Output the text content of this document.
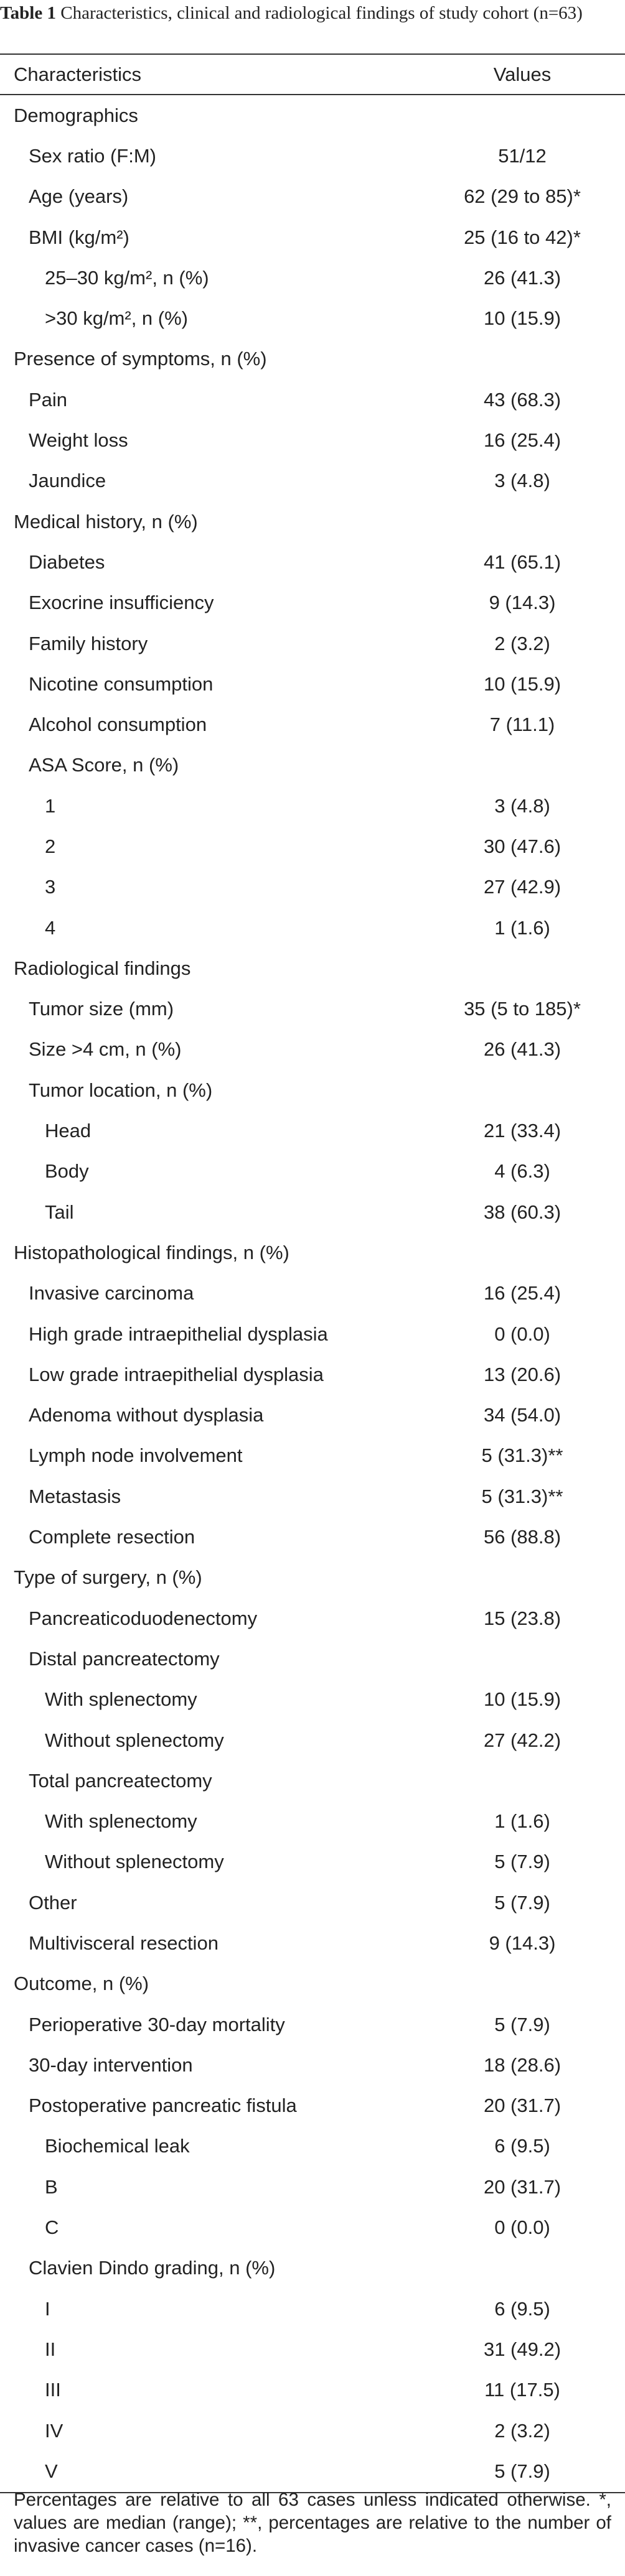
Table 1 Characteristics, clinical and radiological findings of study cohort (n=63)
Characteristics	Values
Demographics
Sex ratio (F:M)	51/12
Age (years)	62 (29 to 85)*
BMI (kg/m²)	25 (16 to 42)*
25–30 kg/m², n (%)	26 (41.3)
>30 kg/m², n (%)	10 (15.9)
Presence of symptoms, n (%)
Pain	43 (68.3)
Weight loss	16 (25.4)
Jaundice	3 (4.8)
Medical history, n (%)
Diabetes	41 (65.1)
Exocrine insufficiency	9 (14.3)
Family history	2 (3.2)
Nicotine consumption	10 (15.9)
Alcohol consumption	7 (11.1)
ASA Score, n (%)
1	3 (4.8)
2	30 (47.6)
3	27 (42.9)
4	1 (1.6)
Radiological findings
Tumor size (mm)	35 (5 to 185)*
Size >4 cm, n (%)	26 (41.3)
Tumor location, n (%)
Head	21 (33.4)
Body	4 (6.3)
Tail	38 (60.3)
Histopathological findings, n (%)
Invasive carcinoma	16 (25.4)
High grade intraepithelial dysplasia	0 (0.0)
Low grade intraepithelial dysplasia	13 (20.6)
Adenoma without dysplasia	34 (54.0)
Lymph node involvement	5 (31.3)**
Metastasis	5 (31.3)**
Complete resection	56 (88.8)
Type of surgery, n (%)
Pancreaticoduodenectomy	15 (23.8)
Distal pancreatectomy
With splenectomy	10 (15.9)
Without splenectomy	27 (42.2)
Total pancreatectomy
With splenectomy	1 (1.6)
Without splenectomy	5 (7.9)
Other	5 (7.9)
Multivisceral resection	9 (14.3)
Outcome, n (%)
Perioperative 30-day mortality	5 (7.9)
30-day intervention	18 (28.6)
Postoperative pancreatic fistula	20 (31.7)
Biochemical leak	6 (9.5)
B	20 (31.7)
C	0 (0.0)
Clavien Dindo grading, n (%)
I	6 (9.5)
II	31 (49.2)
III	11 (17.5)
IV	2 (3.2)
V	5 (7.9)
Percentages are relative to all 63 cases unless indicated otherwise. *, values are median (range); **, percentages are relative to the number of invasive cancer cases (n=16).
